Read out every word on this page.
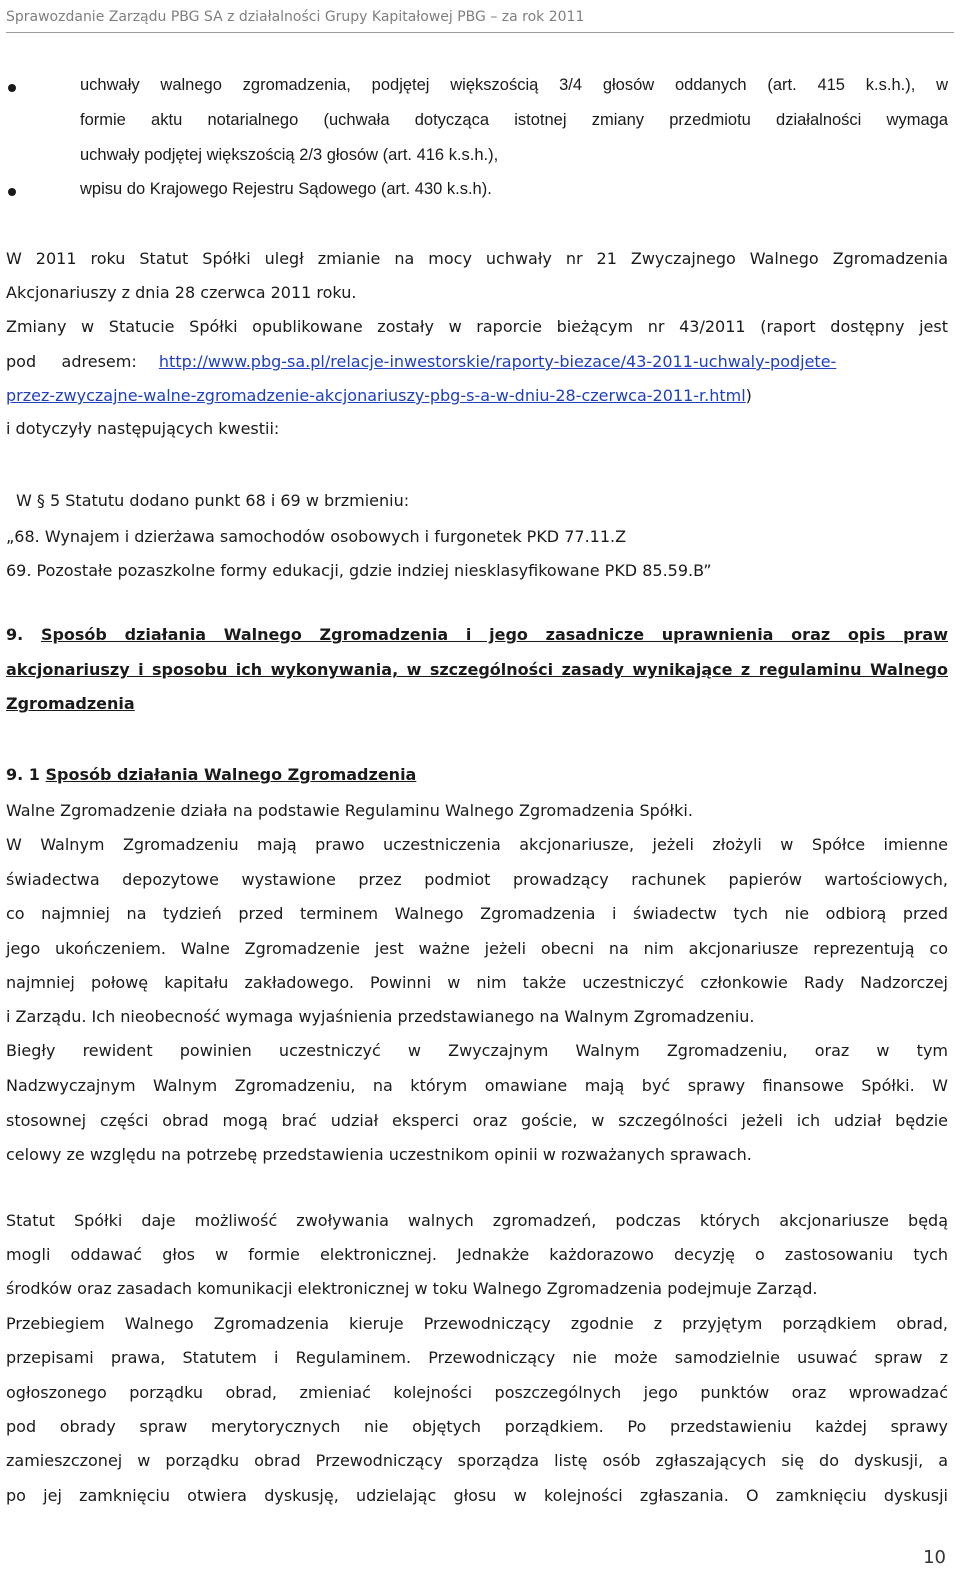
Sprawozdanie Zarządu PBG SA z działalności Grupy Kapitałowej PBG – za rok 2011
uchwały walnego zgromadzenia, podjętej większością 3/4 głosów oddanych (art. 415 k.s.h.), w
formie aktu notarialnego (uchwała dotycząca istotnej zmiany przedmiotu działalności wymaga
uchwały podjętej większością 2/3 głosów (art. 416 k.s.h.),
wpisu do Krajowego Rejestru Sądowego (art. 430 k.s.h).
W 2011 roku Statut Spółki uległ zmianie na mocy uchwały nr 21 Zwyczajnego Walnego Zgromadzenia
Akcjonariuszy z dnia 28 czerwca 2011 roku.
Zmiany w Statucie Spółki opublikowane zostały w raporcie bieżącym nr 43/2011 (raport dostępny jest
pod     adresem: http://www.pbg-sa.pl/relacje-inwestorskie/raporty-biezace/43-2011-uchwaly-podjete-
przez-zwyczajne-walne-zgromadzenie-akcjonariuszy-pbg-s-a-w-dniu-28-czerwca-2011-r.html)
i dotyczyły następujących kwestii:
W § 5 Statutu dodano punkt 68 i 69 w brzmieniu:
„68. Wynajem i dzierżawa samochodów osobowych i furgonetek PKD 77.11.Z
69. Pozostałe pozaszkolne formy edukacji, gdzie indziej niesklasyfikowane PKD 85.59.B”
9. Sposób działania Walnego Zgromadzenia i jego zasadnicze uprawnienia oraz opis praw
akcjonariuszy i sposobu ich wykonywania, w szczególności zasady wynikające z regulaminu Walnego
Zgromadzenia
9. 1 Sposób działania Walnego Zgromadzenia
Walne Zgromadzenie działa na podstawie Regulaminu Walnego Zgromadzenia Spółki.
W Walnym Zgromadzeniu mają prawo uczestniczenia akcjonariusze, jeżeli złożyli w Spółce imienne
świadectwa depozytowe wystawione przez podmiot prowadzący rachunek papierów wartościowych,
co najmniej na tydzień przed terminem Walnego Zgromadzenia i świadectw tych nie odbiorą przed
jego ukończeniem. Walne Zgromadzenie jest ważne jeżeli obecni na nim akcjonariusze reprezentują co
najmniej połowę kapitału zakładowego. Powinni w nim także uczestniczyć członkowie Rady Nadzorczej
i Zarządu. Ich nieobecność wymaga wyjaśnienia przedstawianego na Walnym Zgromadzeniu.
Biegły rewident powinien uczestniczyć w Zwyczajnym Walnym Zgromadzeniu, oraz w tym
Nadzwyczajnym Walnym Zgromadzeniu, na którym omawiane mają być sprawy finansowe Spółki. W
stosownej części obrad mogą brać udział eksperci oraz goście, w szczególności jeżeli ich udział będzie
celowy ze względu na potrzebę przedstawienia uczestnikom opinii w rozważanych sprawach.
Statut Spółki daje możliwość zwoływania walnych zgromadzeń, podczas których akcjonariusze będą
mogli oddawać głos w formie elektronicznej. Jednakże każdorazowo decyzję o zastosowaniu tych
środków oraz zasadach komunikacji elektronicznej w toku Walnego Zgromadzenia podejmuje Zarząd.
Przebiegiem Walnego Zgromadzenia kieruje Przewodniczący zgodnie z przyjętym porządkiem obrad,
przepisami prawa, Statutem i Regulaminem. Przewodniczący nie może samodzielnie usuwać spraw z
ogłoszonego porządku obrad, zmieniać kolejności poszczególnych jego punktów oraz wprowadzać
pod obrady spraw merytorycznych nie objętych porządkiem. Po przedstawieniu każdej sprawy
zamieszczonej w porządku obrad Przewodniczący sporządza listę osób zgłaszających się do dyskusji, a
po jej zamknięciu otwiera dyskusję, udzielając głosu w kolejności zgłaszania. O zamknięciu dyskusji
10
